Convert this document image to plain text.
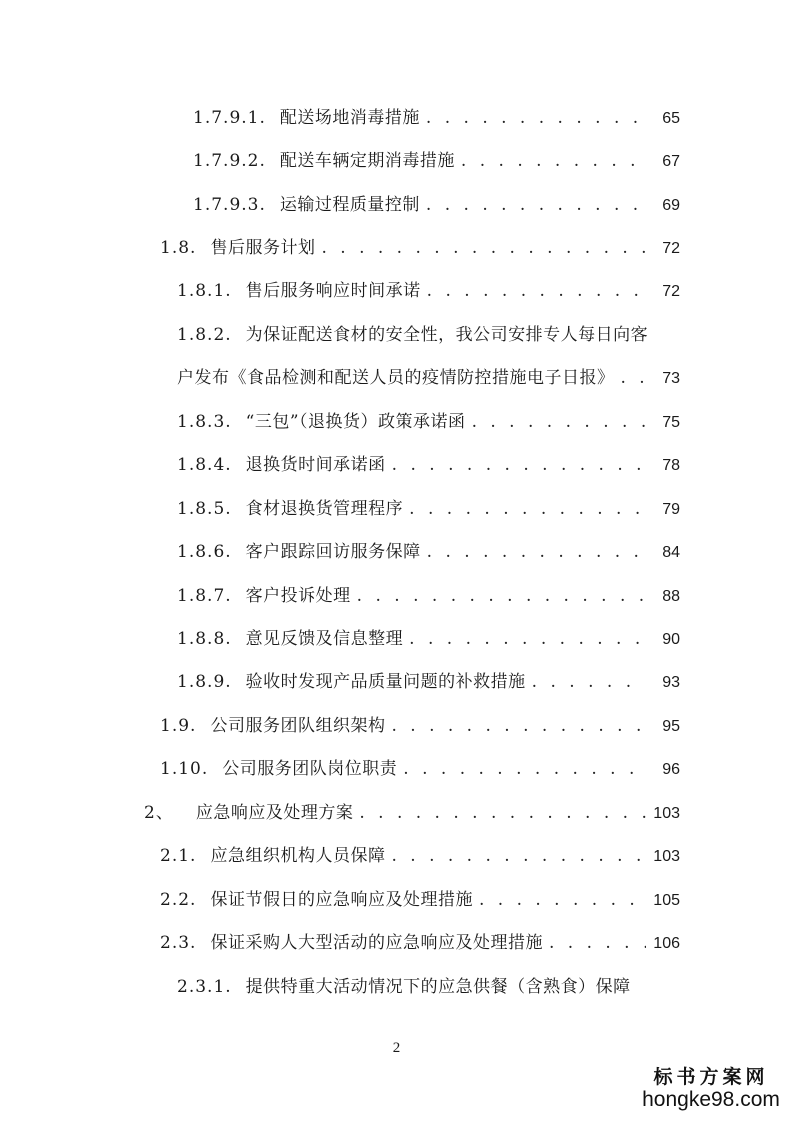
1.7.9.1. 配送场地消毒措施 . . .	65
1.7.9.2. 配送车辆定期消毒措施 . . .	67
1.7.9.3. 运输过程质量控制 . . .	69
1.8. 售后服务计划 . . .	72
1.8.1. 售后服务响应时间承诺 . . .	72
1.8.2. 为保证配送食材的安全性，我公司安排专人每日向客
户发布《食品检测和配送人员的疫情防控措施电子日报》 . . .	73
1.8.3. “三包”（退换货）政策承诺函 . . .	75
1.8.4. 退换货时间承诺函 . . .	78
1.8.5. 食材退换货管理程序 . . .	79
1.8.6. 客户跟踪回访服务保障 . . .	84
1.8.7. 客户投诉处理 . . .	88
1.8.8. 意见反馈及信息整理 . . .	90
1.8.9. 验收时发现产品质量问题的补救措施 . . .	93
1.9. 公司服务团队组织架构 . . .	95
1.10. 公司服务团队岗位职责 . . .	96
2、 应急响应及处理方案 . . .	103
2.1. 应急组织机构人员保障 . . .	103
2.2. 保证节假日的应急响应及处理措施 . . .	105
2.3. 保证采购人大型活动的应急响应及处理措施 . . .	106
2.3.1. 提供特重大活动情况下的应急供餐（含熟食）保障
2
标书方案网
hongke98.com
